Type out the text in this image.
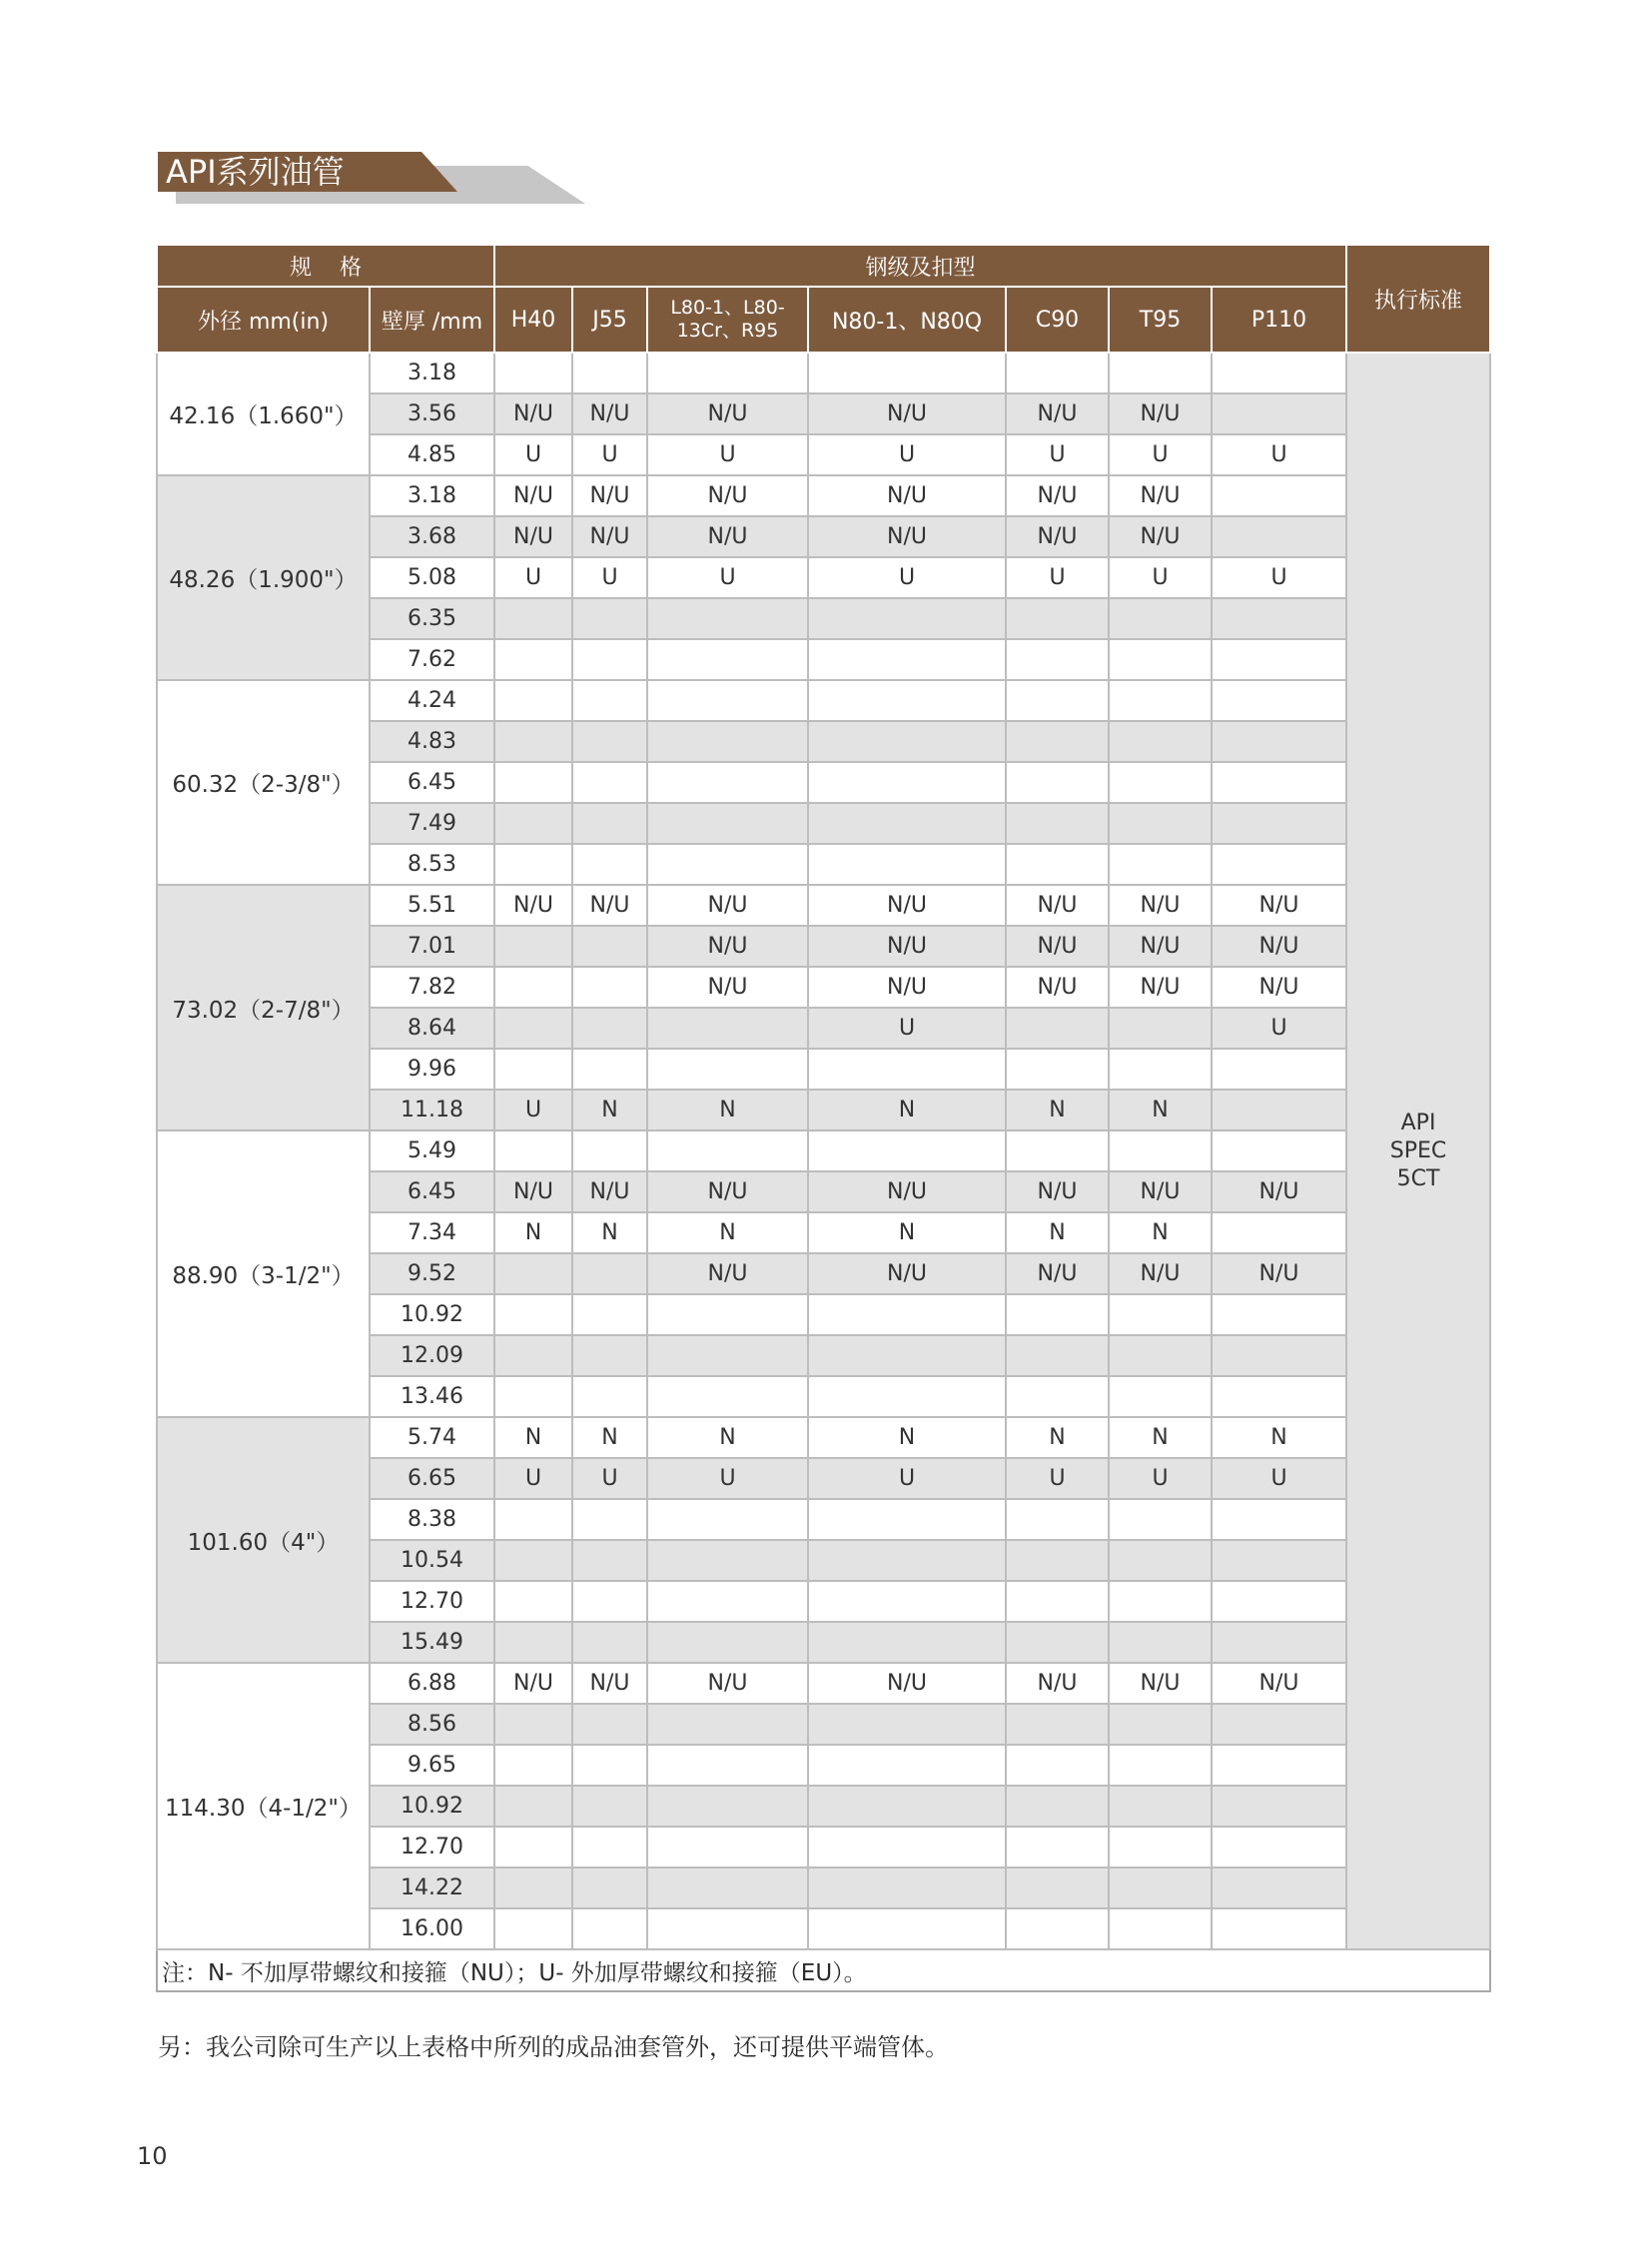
API系列油管
规    格		钢级及扣型							执行标准
外径 mm(in)	壁厚 /mm	H40	J55	L80-1、L80-13Cr、R95	N80-1、N80Q	C90	T95	P110	
42.16（1.660"）	3.18								API SPEC 5CT
	3.56	N/U	N/U	N/U	N/U	N/U	N/U		
	4.85	U	U	U	U	U	U	U	
48.26（1.900"）	3.18	N/U	N/U	N/U	N/U	N/U	N/U		
	3.68	N/U	N/U	N/U	N/U	N/U	N/U		
	5.08	U	U	U	U	U	U	U	
	6.35								
	7.62								
60.32（2-3/8"）	4.24								
	4.83								
	6.45								
	7.49								
	8.53								
73.02（2-7/8"）	5.51	N/U	N/U	N/U	N/U	N/U	N/U	N/U	
	7.01			N/U	N/U	N/U	N/U	N/U	
	7.82			N/U	N/U	N/U	N/U	N/U	
	8.64				U			U	
	9.96								
	11.18	U	N	N	N	N	N		
88.90（3-1/2"）	5.49								
	6.45	N/U	N/U	N/U	N/U	N/U	N/U	N/U	
	7.34	N	N	N	N	N	N		
	9.52			N/U	N/U	N/U	N/U	N/U	
	10.92								
	12.09								
	13.46								
101.60（4"）	5.74	N	N	N	N	N	N	N	
	6.65	U	U	U	U	U	U	U	
	8.38								
	10.54								
	12.70								
	15.49								
114.30（4-1/2"）	6.88	N/U	N/U	N/U	N/U	N/U	N/U	N/U	
	8.56								
	9.65								
	10.92								
	12.70								
	14.22								
	16.00								
注：N- 不加厚带螺纹和接箍（NU）；U- 外加厚带螺纹和接箍（EU）。									
另：我公司除可生产以上表格中所列的成品油套管外，还可提供平端管体。
10
